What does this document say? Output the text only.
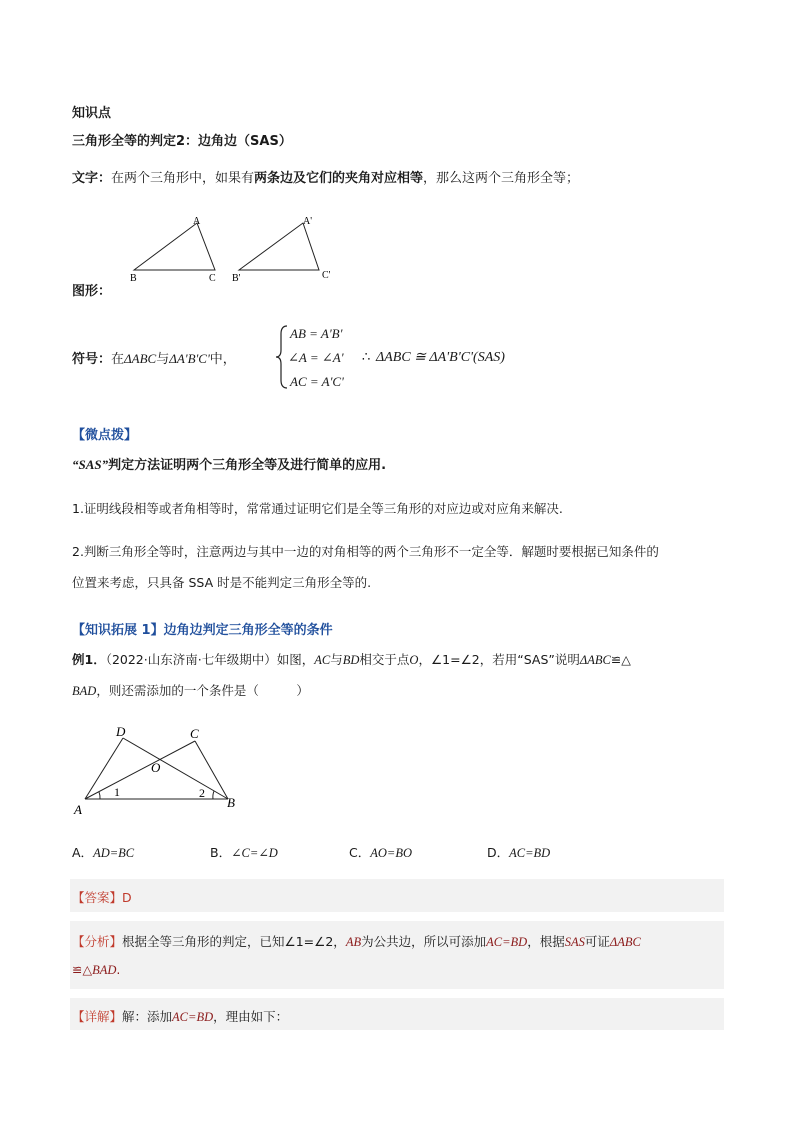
知识点
三角形全等的判定2：边角边（SAS）
文字：在两个三角形中，如果有两条边及它们的夹角对应相等，那么这两个三角形全等；
A
B	C
A'
B'	C'
图形：
符号：在ΔABC与ΔA'B'C'中，
AB = A'B'
∠A = ∠A'
AC = A'C'
∴ ΔABC ≅ ΔA'B'C'(SAS)
【微点拨】
“SAS”判定方法证明两个三角形全等及进行简单的应用.
1.证明线段相等或者角相等时，常常通过证明它们是全等三角形的对应边或对应角来解决.
2.判断三角形全等时，注意两边与其中一边的对角相等的两个三角形不一定全等．解题时要根据已知条件的
位置来考虑，只具备 SSA 时是不能判定三角形全等的.
【知识拓展 1】边角边判定三角形全等的条件
例1．（2022·山东济南·七年级期中）如图，AC与BD相交于点O，∠1=∠2，若用“SAS”说明ΔABC≌△
BAD，则还需添加的一个条件是（　　　）
D	C
O
A	B
1	2
A．AD=BC	B．∠C=∠D	C．AO=BO	D．AC=BD
【答案】D
【分析】根据全等三角形的判定，已知∠1=∠2，AB为公共边，所以可添加AC=BD，根据SAS可证ΔABC
≌△BAD.
【详解】解：添加AC=BD，理由如下：
